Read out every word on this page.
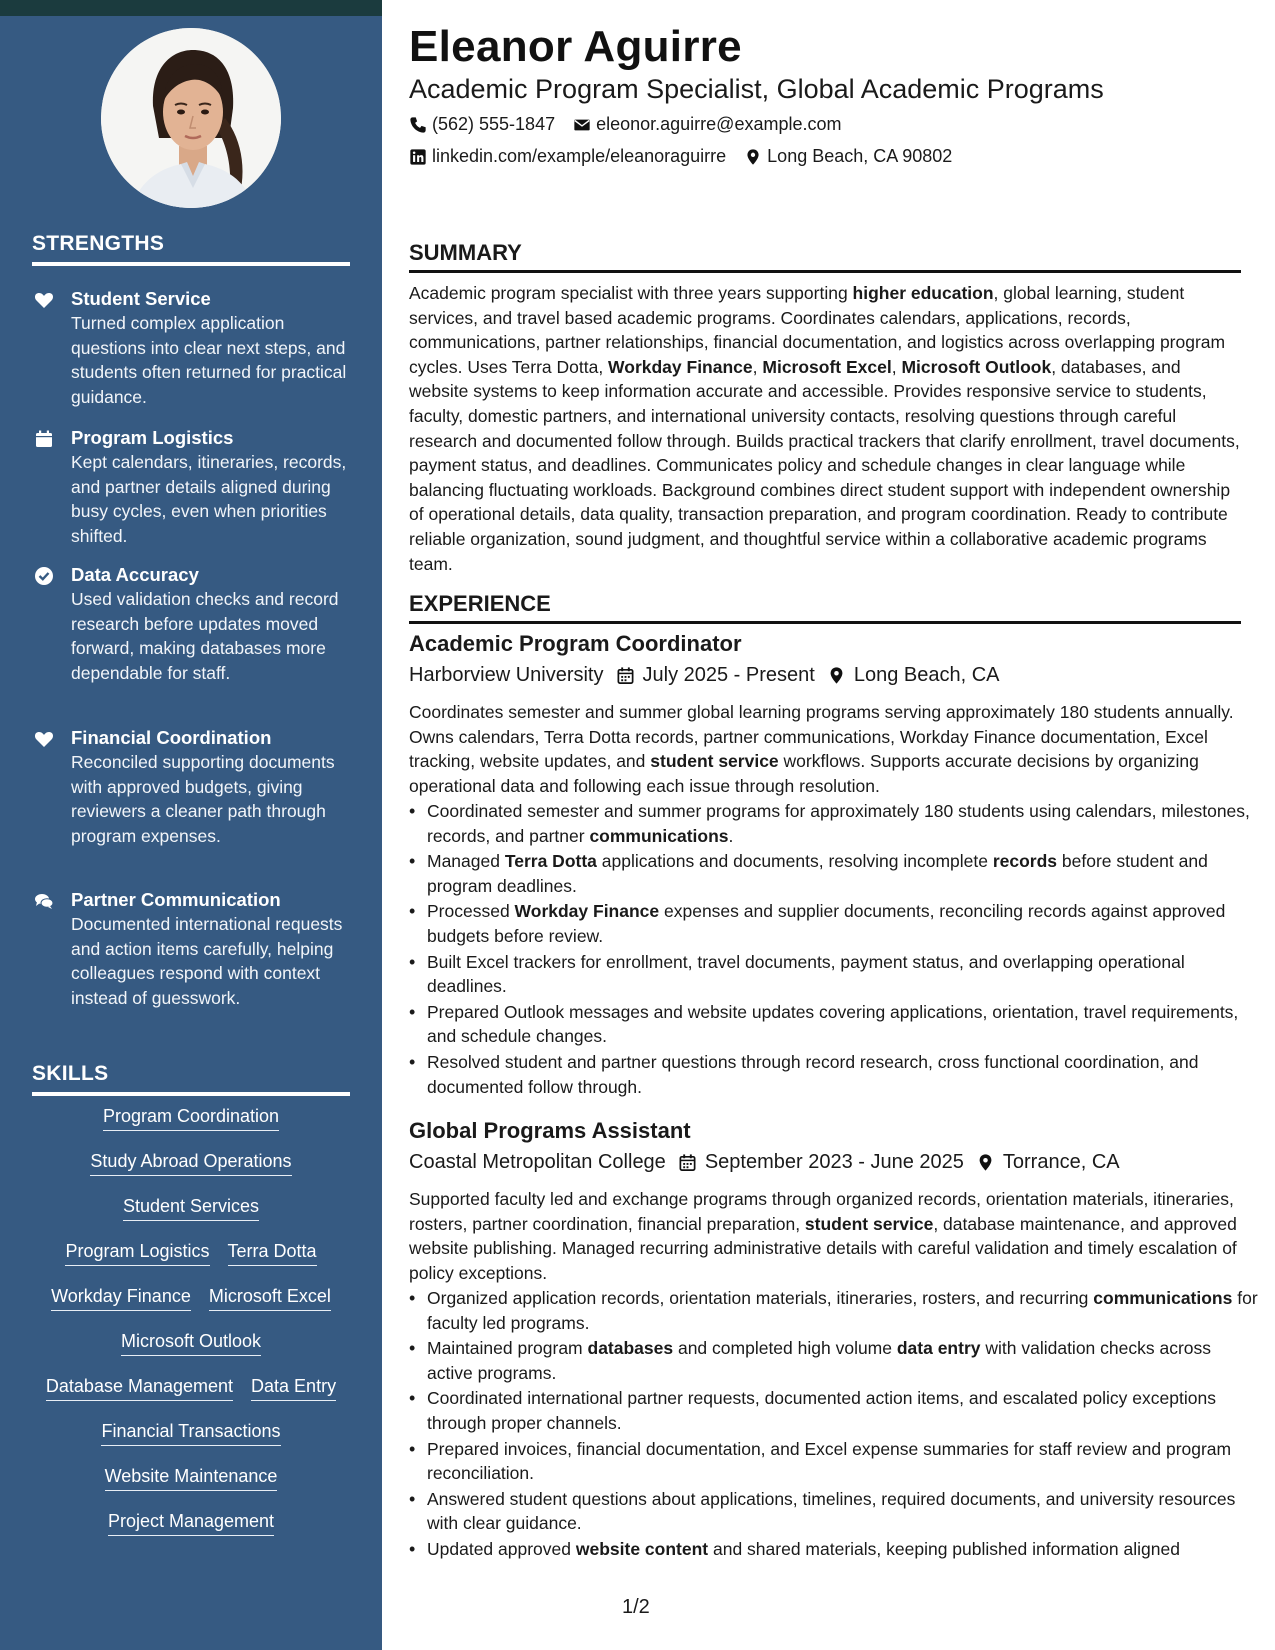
STRENGTHS
Student Service
Turned complex application questions into clear next steps, and students often returned for practical guidance.
Program Logistics
Kept calendars, itineraries, records, and partner details aligned during busy cycles, even when priorities shifted.
Data Accuracy
Used validation checks and record research before updates moved forward, making databases more dependable for staff.
Financial Coordination
Reconciled supporting documents with approved budgets, giving reviewers a cleaner path through program expenses.
Partner Communication
Documented international requests and action items carefully, helping colleagues respond with context instead of guesswork.
SKILLS
Program Coordination
Study Abroad Operations
Student Services
Program Logistics Terra Dotta
Workday Finance Microsoft Excel
Microsoft Outlook
Database Management Data Entry
Financial Transactions
Website Maintenance
Project Management
Eleanor Aguirre
Academic Program Specialist, Global Academic Programs
(562) 555-1847 eleonor.aguirre@example.com
linkedin.com/example/eleanoraguirre Long Beach, CA 90802
SUMMARY
Academic program specialist with three years supporting higher education, global learning, student services, and travel based academic programs. Coordinates calendars, applications, records, communications, partner relationships, financial documentation, and logistics across overlapping program cycles. Uses Terra Dotta, Workday Finance, Microsoft Excel, Microsoft Outlook, databases, and website systems to keep information accurate and accessible. Provides responsive service to students, faculty, domestic partners, and international university contacts, resolving questions through careful research and documented follow through. Builds practical trackers that clarify enrollment, travel documents, payment status, and deadlines. Communicates policy and schedule changes in clear language while balancing fluctuating workloads. Background combines direct student support with independent ownership of operational details, data quality, transaction preparation, and program coordination. Ready to contribute reliable organization, sound judgment, and thoughtful service within a collaborative academic programs team.
EXPERIENCE
Academic Program Coordinator
Harborview University July 2025 - Present Long Beach, CA
Coordinates semester and summer global learning programs serving approximately 180 students annually. Owns calendars, Terra Dotta records, partner communications, Workday Finance documentation, Excel tracking, website updates, and student service workflows. Supports accurate decisions by organizing operational data and following each issue through resolution.
• Coordinated semester and summer programs for approximately 180 students using calendars, milestones, records, and partner communications.
• Managed Terra Dotta applications and documents, resolving incomplete records before student and program deadlines.
• Processed Workday Finance expenses and supplier documents, reconciling records against approved budgets before review.
• Built Excel trackers for enrollment, travel documents, payment status, and overlapping operational deadlines.
• Prepared Outlook messages and website updates covering applications, orientation, travel requirements, and schedule changes.
• Resolved student and partner questions through record research, cross functional coordination, and documented follow through.
Global Programs Assistant
Coastal Metropolitan College September 2023 - June 2025 Torrance, CA
Supported faculty led and exchange programs through organized records, orientation materials, itineraries, rosters, partner coordination, financial preparation, student service, database maintenance, and approved website publishing. Managed recurring administrative details with careful validation and timely escalation of policy exceptions.
• Organized application records, orientation materials, itineraries, rosters, and recurring communications for faculty led programs.
• Maintained program databases and completed high volume data entry with validation checks across active programs.
• Coordinated international partner requests, documented action items, and escalated policy exceptions through proper channels.
• Prepared invoices, financial documentation, and Excel expense summaries for staff review and program reconciliation.
• Answered student questions about applications, timelines, required documents, and university resources with clear guidance.
• Updated approved website content and shared materials, keeping published information aligned
1/2
